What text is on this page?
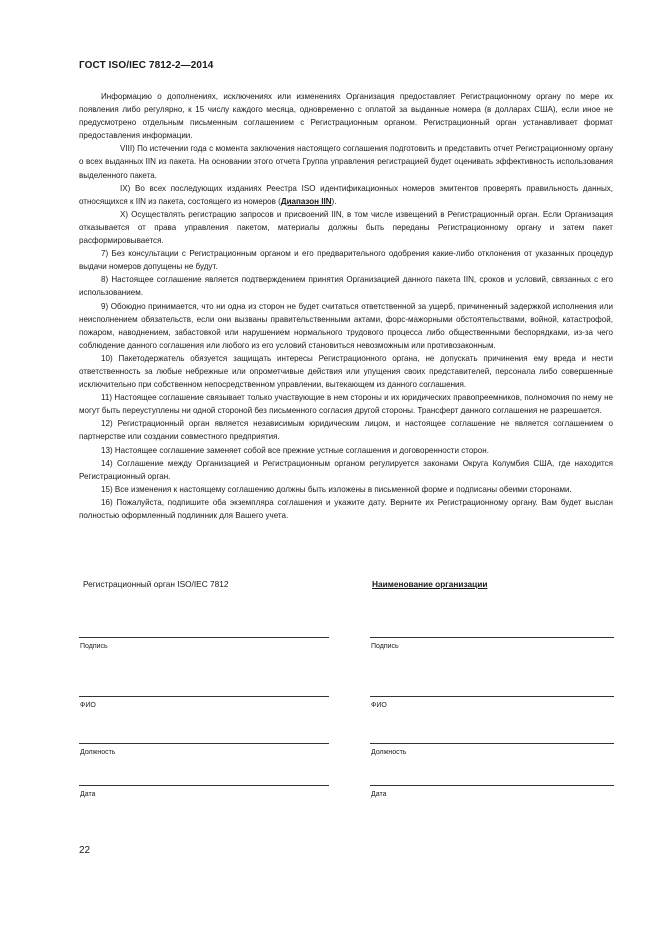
ГОСТ ISO/IEC 7812-2—2014

Информацию о дополнениях, исключениях или изменениях Организация предоставляет Регистрационному органу по мере их появления либо регулярно, к 15 числу каждого месяца, одновременно с оплатой за выданные номера (в долларах США), если иное не предусмотрено отдельным письменным соглашением с Регистрационным органом. Регистрационный орган устанавливает формат предоставления информации.

VIII) По истечении года с момента заключения настоящего соглашения подготовить и представить отчет Регистрационному органу о всех выданных IIN из пакета. На основании этого отчета Группа управления регистрацией будет оценивать эффективность использования выделенного пакета.

IX) Во всех последующих изданиях Реестра ISO идентификационных номеров эмитентов проверять правильность данных, относящихся к IIN из пакета, состоящего из номеров (Диапазон IIN).

X) Осуществлять регистрацию запросов и присвоений IIN, в том числе извещений в Регистрационный орган. Если Организация отказывается от права управления пакетом, материалы должны быть переданы Регистрационному органу и затем пакет расформировывается.

7) Без консультации с Регистрационным органом и его предварительного одобрения какие-либо отклонения от указанных процедур выдачи номеров допущены не будут.

8) Настоящее соглашение является подтверждением принятия Организацией данного пакета IIN, сроков и условий, связанных с его использованием.

9) Обоюдно принимается, что ни одна из сторон не будет считаться ответственной за ущерб, причиненный задержкой исполнения или неисполнением обязательств, если они вызваны правительственными актами, форс-мажорными обстоятельствами, войной, катастрофой, пожаром, наводнением, забастовкой или нарушением нормального трудового процесса либо общественными беспорядками, из-за чего соблюдение данного соглашения или любого из его условий становиться невозможным или противозаконным.

10) Пакетодержатель обязуется защищать интересы Регистрационного органа, не допускать причинения ему вреда и нести ответственность за любые небрежные или опрометчивые действия или упущения своих представителей, персонала либо совершенные исключительно при собственном непосредственном управлении, вытекающем из данного соглашения.

11) Настоящее соглашение связывает только участвующие в нем стороны и их юридических правопреемников, полномочия по нему не могут быть переуступлены ни одной стороной без письменного согласия другой стороны. Трансферт данного соглашения не разрешается.

12) Регистрационный орган является независимым юридическим лицом, и настоящее соглашение не является соглашением о партнерстве или создании совместного предприятия.

13) Настоящее соглашение заменяет собой все прежние устные соглашения и договоренности сторон.

14) Соглашение между Организацией и Регистрационным органом регулируется законами Округа Колумбия США, где находится Регистрационный орган.

15) Все изменения к настоящему соглашению должны быть изложены в письменной форме и подписаны обеими сторонами.

16) Пожалуйста, подпишите оба экземпляра соглашения и укажите дату. Верните их Регистрационному органу. Вам будет выслан полностью оформленный подлинник для Вашего учета.

Регистрационный орган ISO/IEC 7812	Наименование организации
Подпись	Подпись
ФИО	ФИО
Должность	Должность
Дата	Дата
22
